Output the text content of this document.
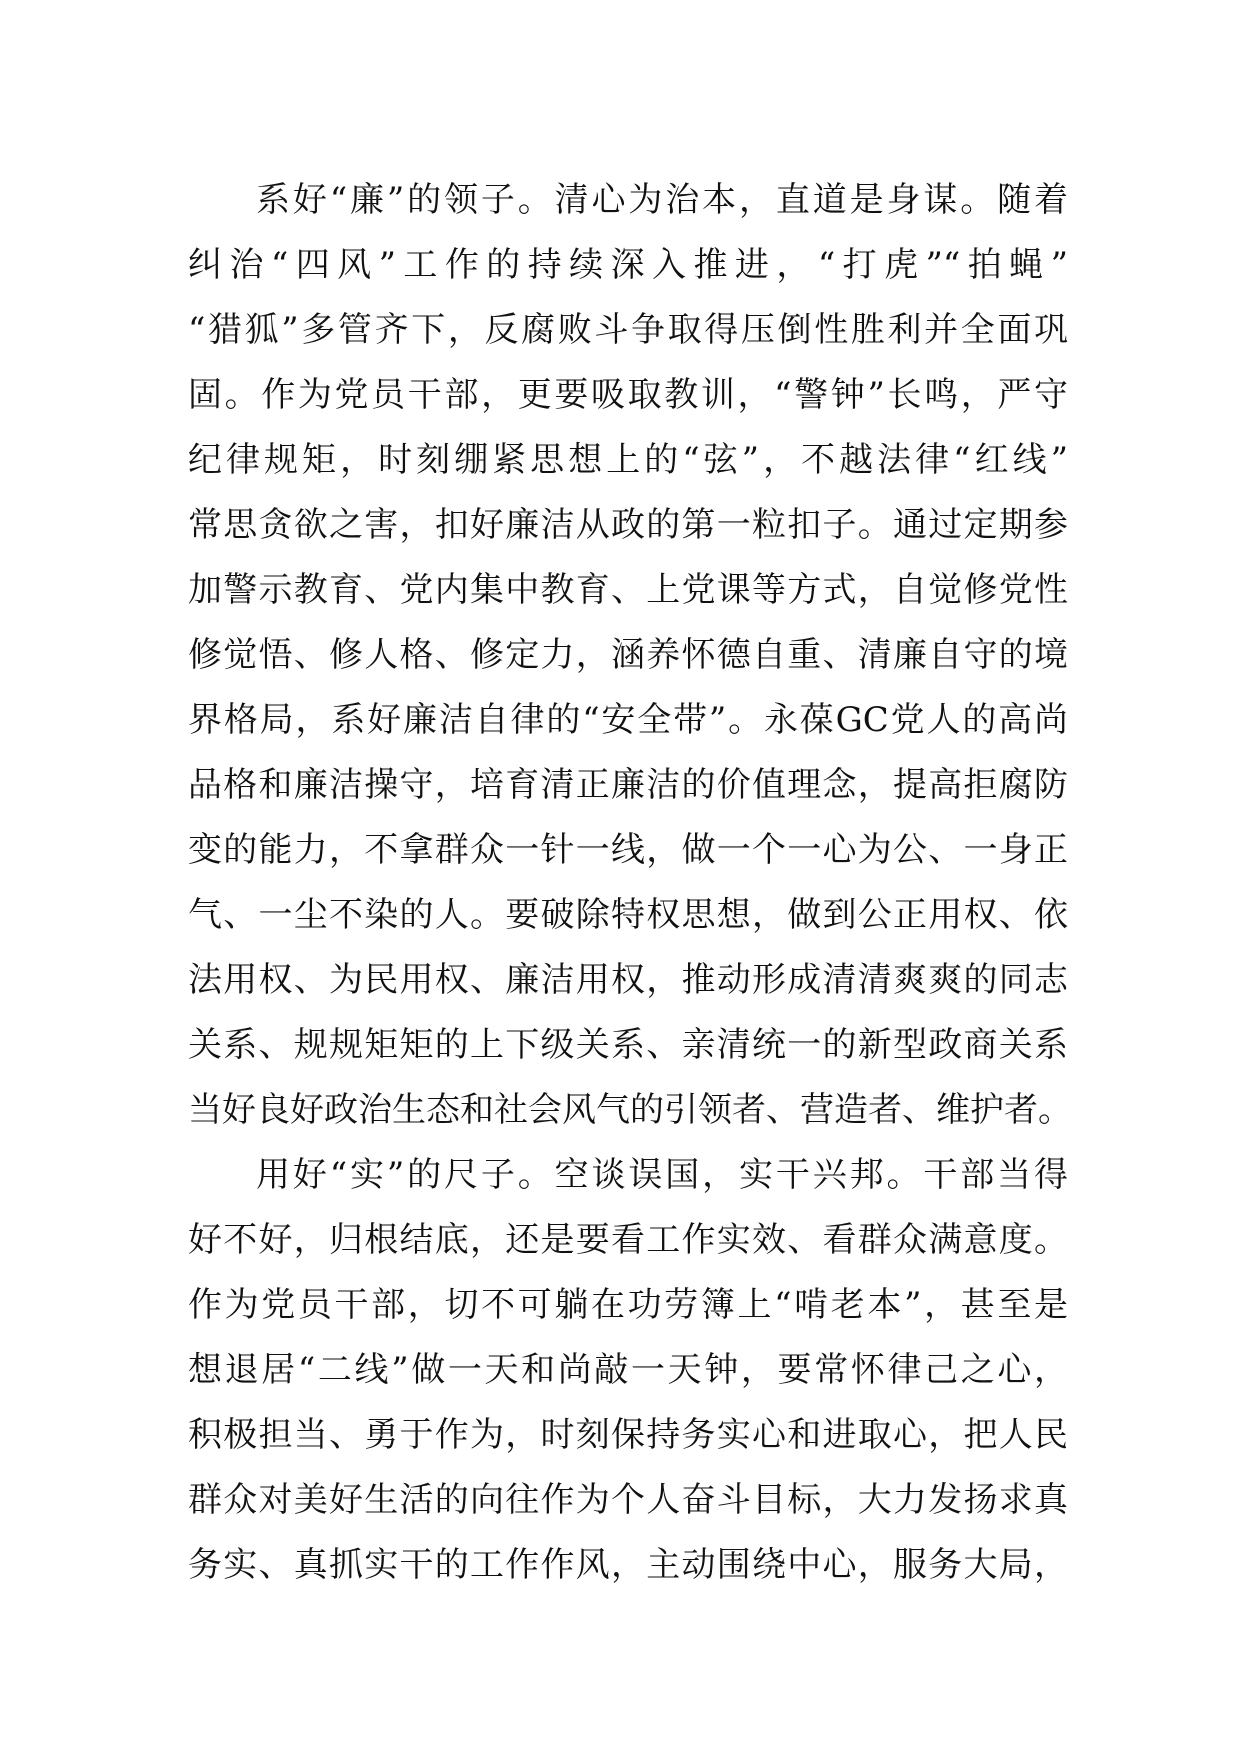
系好“廉”的领子。清心为治本，直道是身谋。随着
纠治“四风”工作的持续深入推进，“打虎”“拍蝇”
“猎狐”多管齐下，反腐败斗争取得压倒性胜利并全面巩
固。作为党员干部，更要吸取教训，“警钟”长鸣，严守
纪律规矩，时刻绷紧思想上的“弦”，不越法律“红线”
常思贪欲之害，扣好廉洁从政的第一粒扣子。通过定期参
加警示教育、党内集中教育、上党课等方式，自觉修党性
修觉悟、修人格、修定力，涵养怀德自重、清廉自守的境
界格局，系好廉洁自律的“安全带”。永葆GC党人的高尚
品格和廉洁操守，培育清正廉洁的价值理念，提高拒腐防
变的能力，不拿群众一针一线，做一个一心为公、一身正
气、一尘不染的人。要破除特权思想，做到公正用权、依
法用权、为民用权、廉洁用权，推动形成清清爽爽的同志
关系、规规矩矩的上下级关系、亲清统一的新型政商关系
当好良好政治生态和社会风气的引领者、营造者、维护者。
用好“实”的尺子。空谈误国，实干兴邦。干部当得
好不好，归根结底，还是要看工作实效、看群众满意度。
作为党员干部，切不可躺在功劳簿上“啃老本”，甚至是
想退居“二线”做一天和尚敲一天钟，要常怀律己之心，
积极担当、勇于作为，时刻保持务实心和进取心，把人民
群众对美好生活的向往作为个人奋斗目标，大力发扬求真
务实、真抓实干的工作作风，主动围绕中心，服务大局，
